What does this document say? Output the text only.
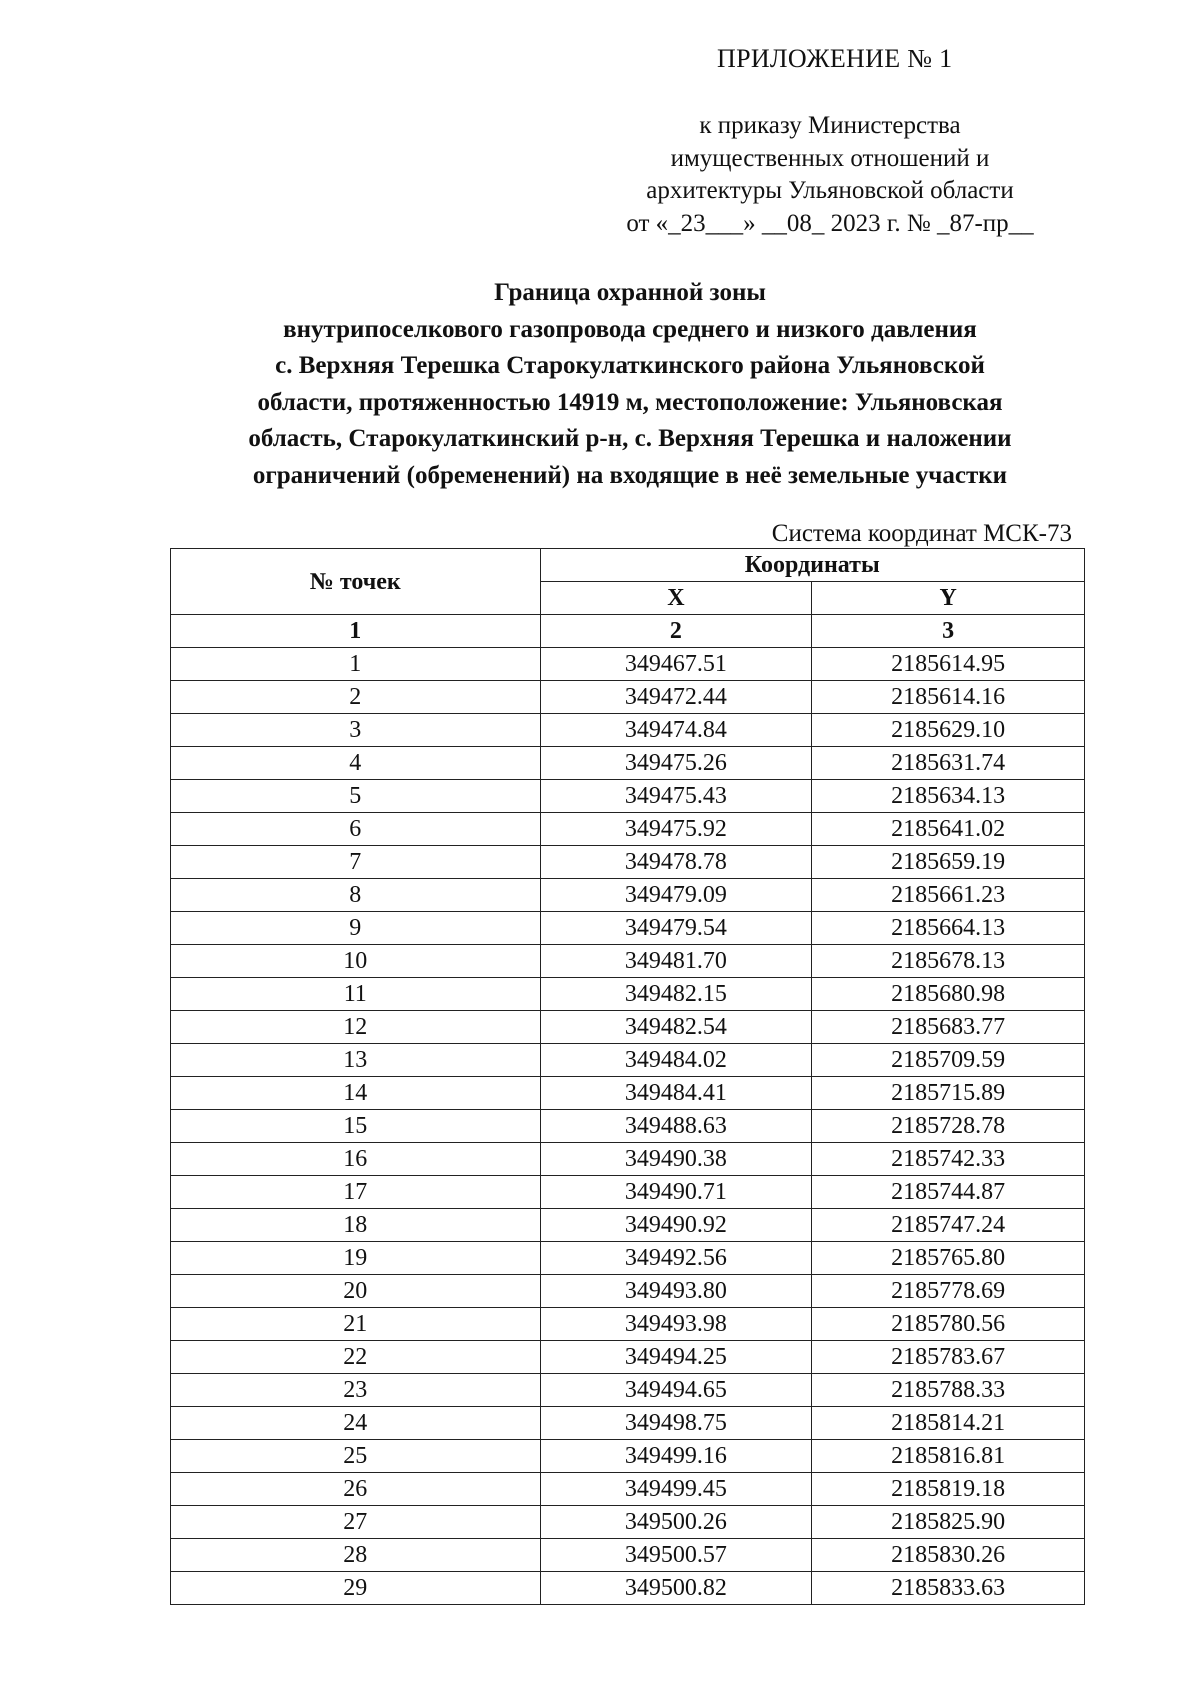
ПРИЛОЖЕНИЕ № 1
к приказу Министерства
имущественных отношений и
архитектуры Ульяновской области
от «_23___» __08_ 2023 г. № _87-пр__
Граница охранной зоны
внутрипоселкового газопровода среднего и низкого давления
с. Верхняя Терешка Старокулаткинского района Ульяновской
области, протяженностью 14919 м, местоположение: Ульяновская
область, Старокулаткинский р-н, с. Верхняя Терешка и наложении
ограничений (обременений) на входящие в неё земельные участки
Система координат МСК-73
№ точек	Координаты	
	X	Y
1	2	3
1	349467.51	2185614.95
2	349472.44	2185614.16
3	349474.84	2185629.10
4	349475.26	2185631.74
5	349475.43	2185634.13
6	349475.92	2185641.02
7	349478.78	2185659.19
8	349479.09	2185661.23
9	349479.54	2185664.13
10	349481.70	2185678.13
11	349482.15	2185680.98
12	349482.54	2185683.77
13	349484.02	2185709.59
14	349484.41	2185715.89
15	349488.63	2185728.78
16	349490.38	2185742.33
17	349490.71	2185744.87
18	349490.92	2185747.24
19	349492.56	2185765.80
20	349493.80	2185778.69
21	349493.98	2185780.56
22	349494.25	2185783.67
23	349494.65	2185788.33
24	349498.75	2185814.21
25	349499.16	2185816.81
26	349499.45	2185819.18
27	349500.26	2185825.90
28	349500.57	2185830.26
29	349500.82	2185833.63
